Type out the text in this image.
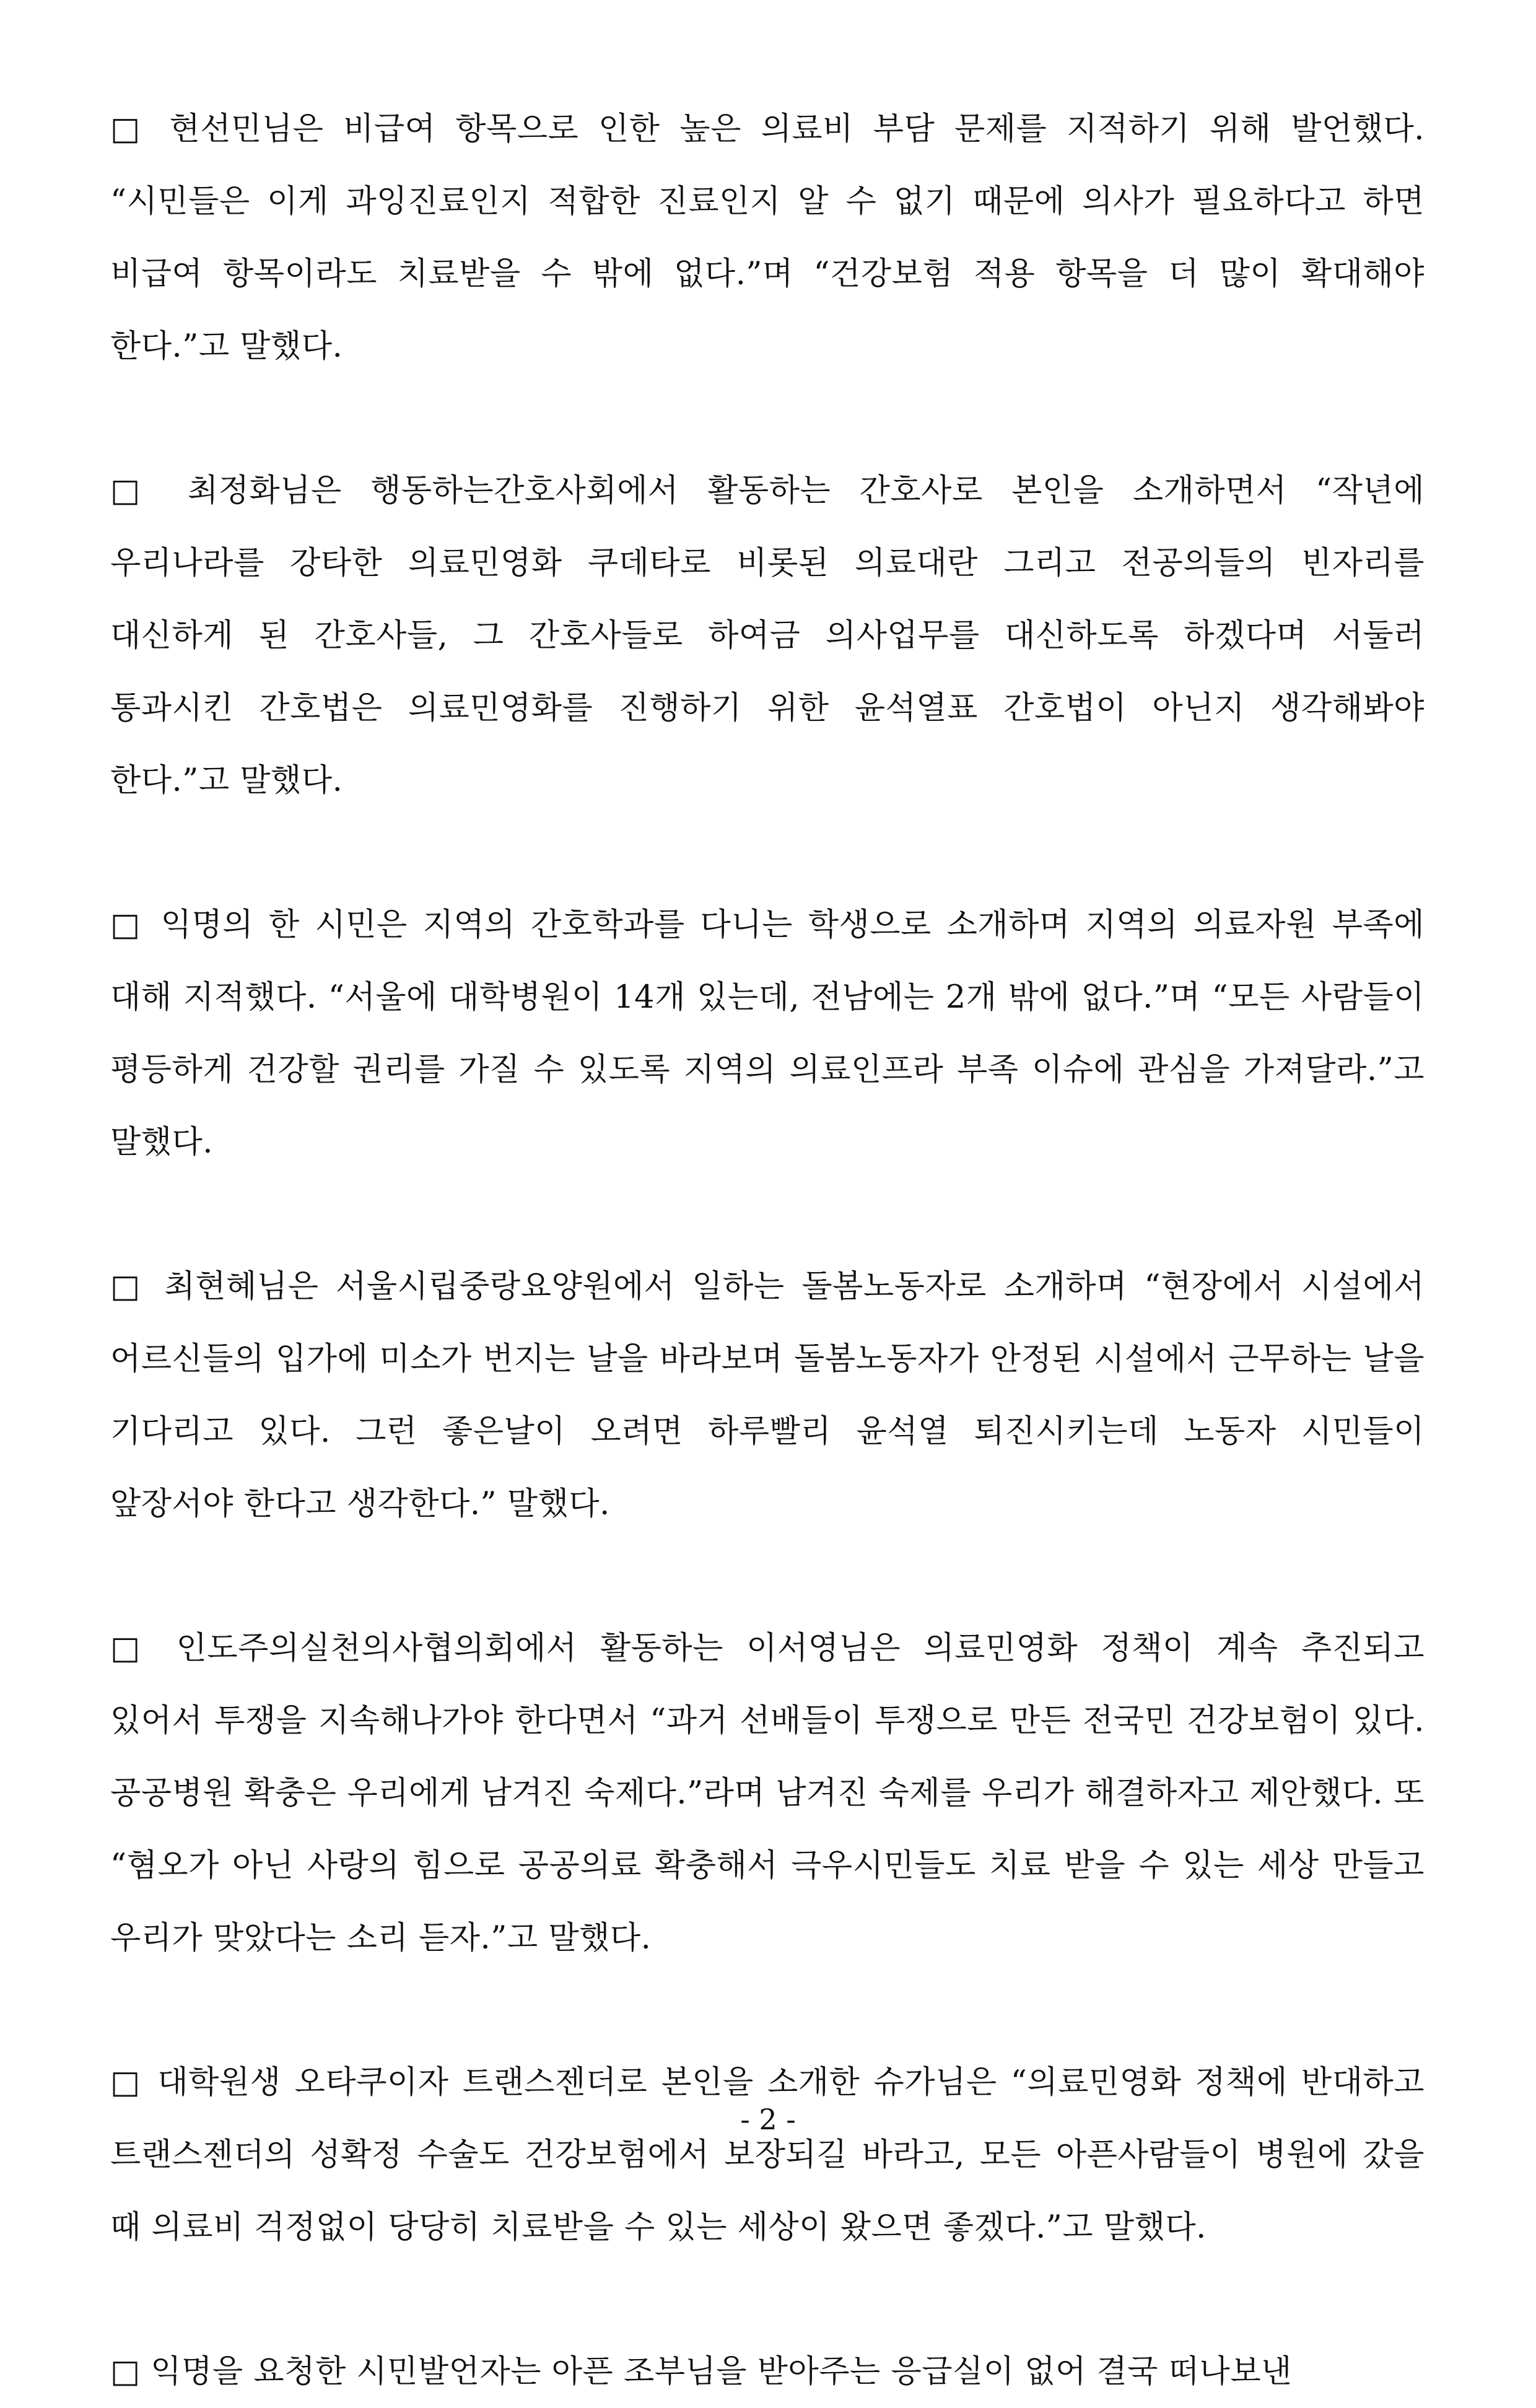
□ 현선민님은 비급여 항목으로 인한 높은 의료비 부담 문제를 지적하기 위해 발언했다. “시민들은 이게 과잉진료인지 적합한 진료인지 알 수 없기 때문에 의사가 필요하다고 하면 비급여 항목이라도 치료받을 수 밖에 없다.”며 “건강보험 적용 항목을 더 많이 확대해야 한다.”고 말했다.

□ 최정화님은 행동하는간호사회에서 활동하는 간호사로 본인을 소개하면서 “작년에 우리나라를 강타한 의료민영화 쿠데타로 비롯된 의료대란 그리고 전공의들의 빈자리를 대신하게 된 간호사들, 그 간호사들로 하여금 의사업무를 대신하도록 하겠다며 서둘러 통과시킨 간호법은 의료민영화를 진행하기 위한 윤석열표 간호법이 아닌지 생각해봐야 한다.”고 말했다.

□ 익명의 한 시민은 지역의 간호학과를 다니는 학생으로 소개하며 지역의 의료자원 부족에 대해 지적했다. “서울에 대학병원이 14개 있는데, 전남에는 2개 밖에 없다.”며 “모든 사람들이 평등하게 건강할 권리를 가질 수 있도록 지역의 의료인프라 부족 이슈에 관심을 가져달라.”고 말했다.

□ 최현혜님은 서울시립중랑요양원에서 일하는 돌봄노동자로 소개하며 “현장에서 시설에서 어르신들의 입가에 미소가 번지는 날을 바라보며 돌봄노동자가 안정된 시설에서 근무하는 날을 기다리고 있다. 그런 좋은날이 오려면 하루빨리 윤석열 퇴진시키는데 노동자 시민들이 앞장서야 한다고 생각한다.” 말했다.

□ 인도주의실천의사협의회에서 활동하는 이서영님은 의료민영화 정책이 계속 추진되고 있어서 투쟁을 지속해나가야 한다면서 “과거 선배들이 투쟁으로 만든 전국민 건강보험이 있다. 공공병원 확충은 우리에게 남겨진 숙제다.”라며 남겨진 숙제를 우리가 해결하자고 제안했다. 또 “혐오가 아닌 사랑의 힘으로 공공의료 확충해서 극우시민들도 치료 받을 수 있는 세상 만들고 우리가 맞았다는 소리 듣자.”고 말했다.

□ 대학원생 오타쿠이자 트랜스젠더로 본인을 소개한 슈가님은 “의료민영화 정책에 반대하고 트랜스젠더의 성확정 수술도 건강보험에서 보장되길 바라고, 모든 아픈사람들이 병원에 갔을 때 의료비 걱정없이 당당히 치료받을 수 있는 세상이 왔으면 좋겠다.”고 말했다.

□ 익명을 요청한 시민발언자는 아픈 조부님을 받아주는 응급실이 없어 결국 떠나보낸

- 2 -
